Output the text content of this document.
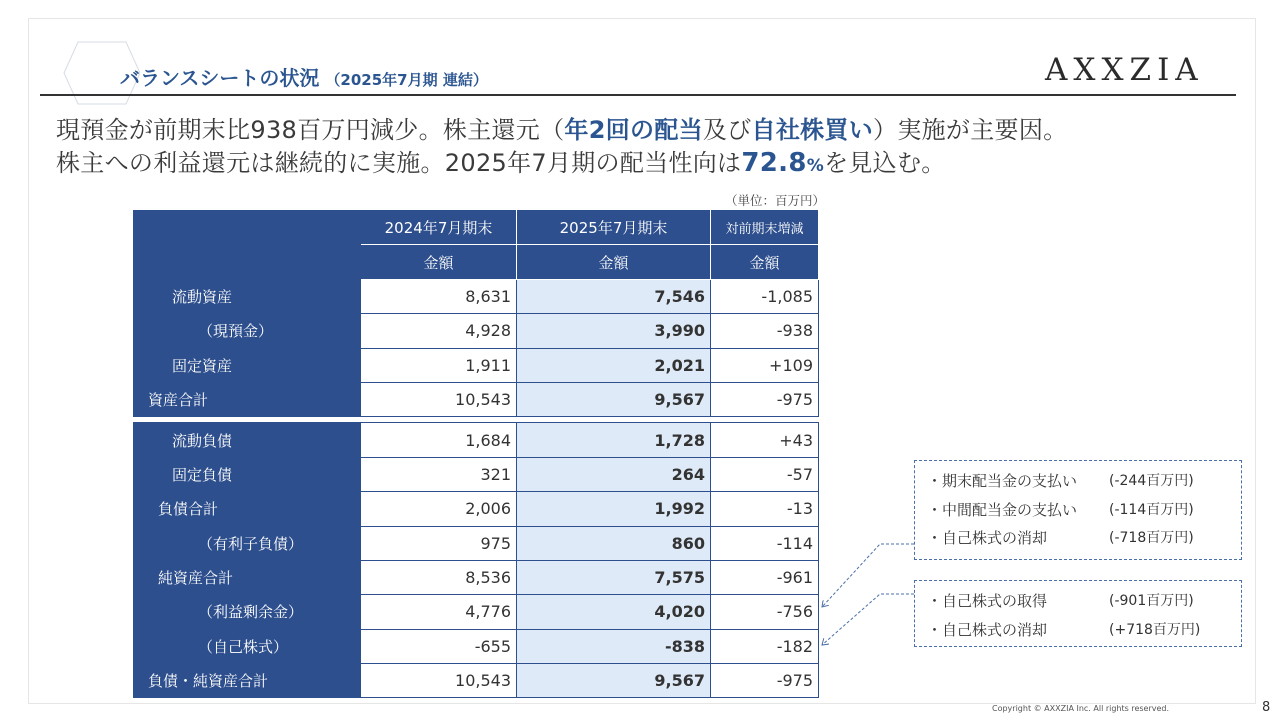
バランスシートの状況 （2025年7月期 連結）	AXXZIA
現預金が前期末比938百万円減少。株主還元（年2回の配当及び自社株買い）実施が主要因。
株主への利益還元は継続的に実施。2025年7月期の配当性向は72.8%を見込む。
（単位：百万円）
	2024年7月期末	2025年7月期末	対前期末増減
	金額	金額	金額

流動資産	8,631	7,546	-1,085

（現預金）	4,928	3,990	-938

固定資産	1,911	2,021	+109

資産合計	10,543	9,567	-975

流動負債	1,684	1,728	+43

固定負債	321	264	-57

負債合計	2,006	1,992	-13

（有利子負債）	975	860	-114

純資産合計	8,536	7,575	-961

（利益剰余金）	4,776	4,020	-756

（自己株式）	-655	-838	-182

負債・純資産合計	10,543	9,567	-975
・期末配当金の支払い	(-244百万円)
・中間配当金の支払い	(-114百万円)
・自己株式の消却	(-718百万円)
・自己株式の取得	(-901百万円)
・自己株式の消却	(+718百万円)
Copyright © AXXZIA Inc. All rights reserved.	8
